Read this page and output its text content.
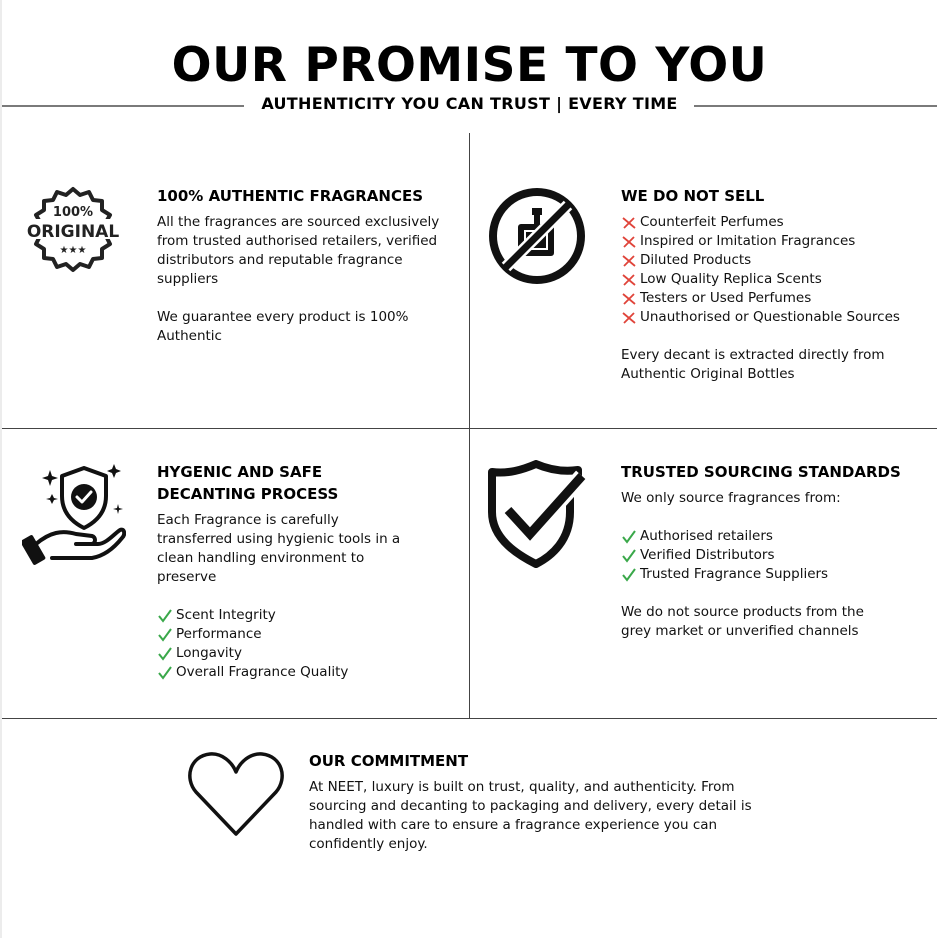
OUR PROMISE TO YOU
AUTHENTICITY YOU CAN TRUST | EVERY TIME
100%
ORIGINAL
★★★
100% AUTHENTIC FRAGRANCES

All the fragrances are sourced exclusively from trusted authorised retailers, verified distributors and reputable fragrance suppliers

We guarantee every product is 100% Authentic

WE DO NOT SELL
Counterfeit Perfumes
Inspired or Imitation Fragrances
Diluted Products
Low Quality Replica Scents
Testers or Used Perfumes
Unauthorised or Questionable Sources

Every decant is extracted directly from Authentic Original Bottles

HYGENIC AND SAFE DECANTING PROCESS

Each Fragrance is carefully transferred using hygienic tools in a clean handling environment to preserve

Scent Integrity
Performance
Longavity
Overall Fragrance Quality
TRUSTED SOURCING STANDARDS

We only source fragrances from:

Authorised retailers
Verified Distributors
Trusted Fragrance Suppliers

We do not source products from the grey market or unverified channels

OUR COMMITMENT

At NEET, luxury is built on trust, quality, and authenticity. From sourcing and decanting to packaging and delivery, every detail is handled with care to ensure a fragrance experience you can confidently enjoy.
